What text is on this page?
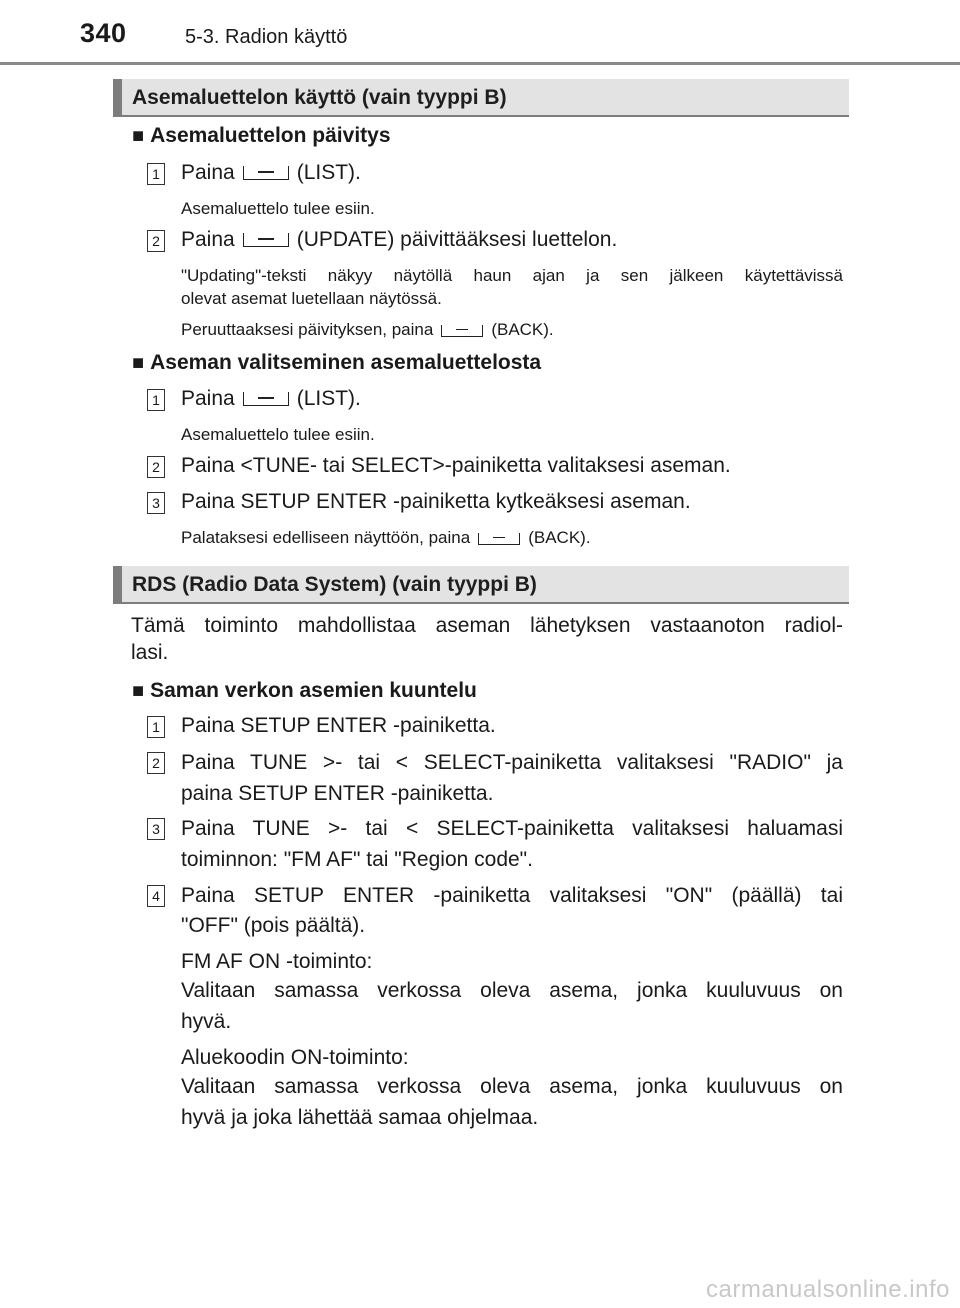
340	5-3. Radion käyttö
Asemaluettelon käyttö (vain tyyppi B)
■ Asemaluettelon päivitys
1 Paina	(LIST).
Asemaluettelo tulee esiin.
2 Paina	(UPDATE) päivittääksesi luettelon.
"Updating"-teksti näkyy näytöllä haun ajan ja sen jälkeen käytettävissä
olevat asemat luetellaan näytössä.
Peruuttaaksesi päivityksen, paina	(BACK).
■ Aseman valitseminen asemaluettelosta
1 Paina	(LIST).
Asemaluettelo tulee esiin.
2 Paina <TUNE- tai SELECT>-painiketta valitaksesi aseman.
3 Paina SETUP ENTER -painiketta kytkeäksesi aseman.
Palataksesi edelliseen näyttöön, paina	(BACK).
RDS (Radio Data System) (vain tyyppi B)
Tämä toiminto mahdollistaa aseman lähetyksen vastaanoton radiol-
lasi.
■ Saman verkon asemien kuuntelu
1 Paina SETUP ENTER -painiketta.
2 Paina TUNE >- tai < SELECT-painiketta valitaksesi "RADIO" ja
paina SETUP ENTER -painiketta.
3 Paina TUNE >- tai < SELECT-painiketta valitaksesi haluamasi
toiminnon: "FM AF" tai "Region code".
4 Paina SETUP ENTER -painiketta valitaksesi "ON" (päällä) tai
"OFF" (pois päältä).
FM AF ON -toiminto:
Valitaan samassa verkossa oleva asema, jonka kuuluvuus on
hyvä.
Aluekoodin ON-toiminto:
Valitaan samassa verkossa oleva asema, jonka kuuluvuus on
hyvä ja joka lähettää samaa ohjelmaa.
carmanualsonline.info
